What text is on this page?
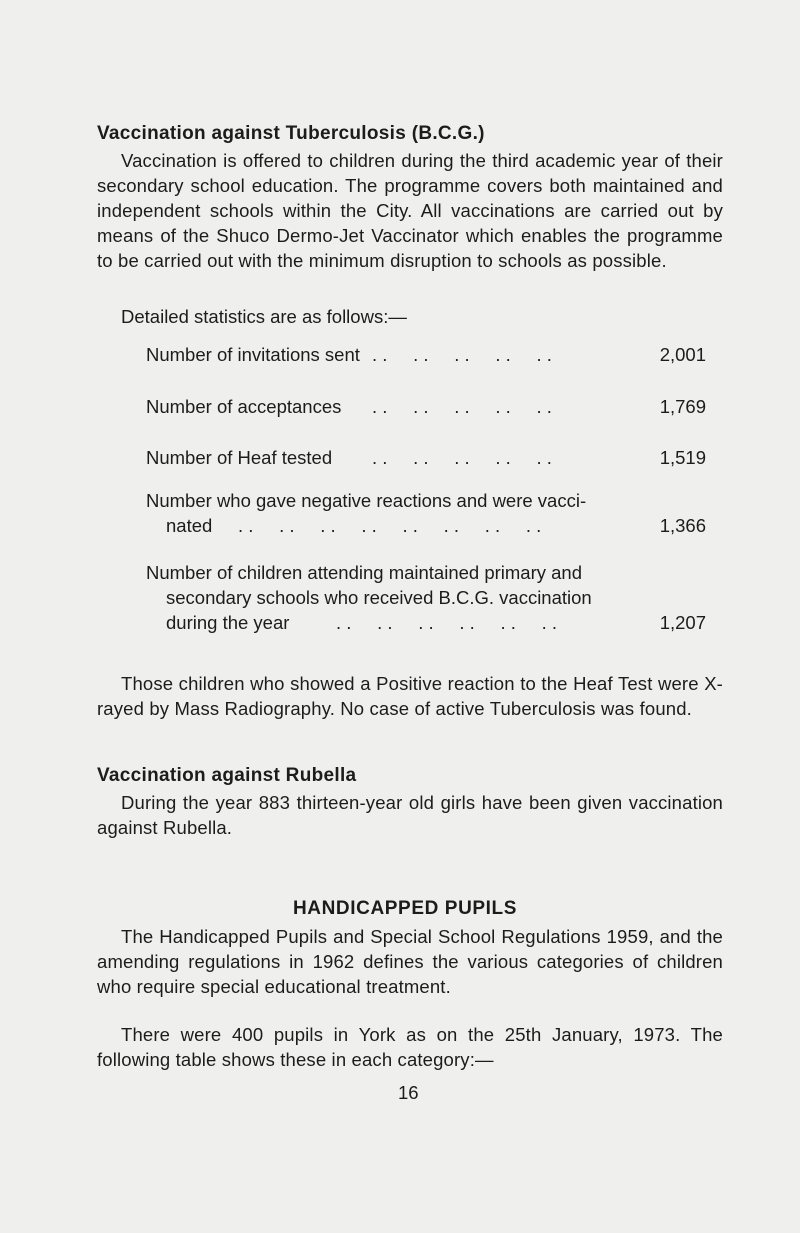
Vaccination against Tuberculosis (B.C.G.)
Vaccination is offered to children during the third academic year of their secondary school education. The programme covers both maintained and independent schools within the City. All vaccinations are carried out by means of the Shuco Dermo-Jet Vaccinator which enables the programme to be carried out with the minimum disruption to schools as possible.
Detailed statistics are as follows:—
Number of invitations sent . .     . .     . .     . .     . .	2,001
Number of acceptances . .     . .     . .     . .     . .	1,769
Number of Heaf tested . .     . .     . .     . .     . .	1,519
Number who gave negative reactions and were vacci-
nated	. .     . .     . .     . .     . .     . .     . .     . .	1,366
Number of children attending maintained primary and
secondary schools who received B.C.G. vaccination
during the year	. .     . .     . .     . .     . .     . .	1,207
Those children who showed a Positive reaction to the Heaf Test were X-rayed by Mass Radiography. No case of active Tuberculosis was found.
Vaccination against Rubella
During the year 883 thirteen-year old girls have been given vaccination against Rubella.
HANDICAPPED PUPILS
The Handicapped Pupils and Special School Regulations 1959, and the amending regulations in 1962 defines the various categories of children who require special educational treatment.
There were 400 pupils in York as on the 25th January, 1973. The following table shows these in each category:—
16
